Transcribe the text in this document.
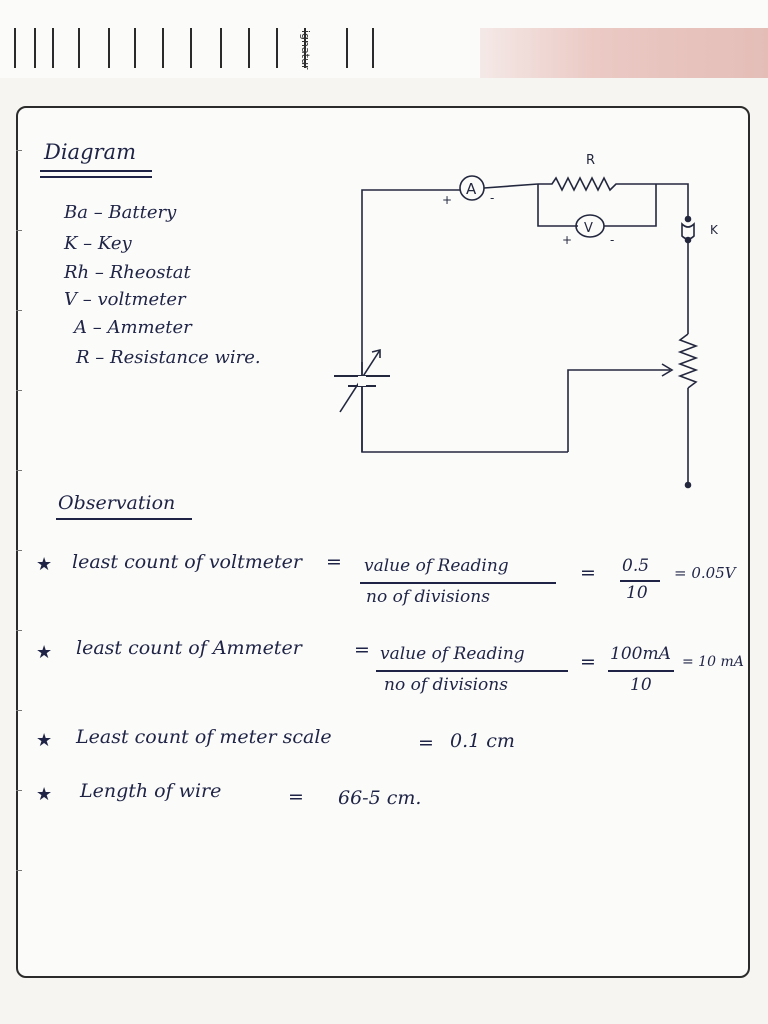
ignatur
Diagram
Ba – Battery
K – Key
Rh – Rheostat
V – voltmeter
A – Ammeter
R – Resistance wire.
A
+	-
R
V
+	-
K
Observation
★ least count of voltmeter = value of Reading
no of divisions
= 0.5
10
= 0.05V
★ least count of Ammeter	= value of Reading
no of divisions
= 100mA
10
= 10 mA
★ Least count of meter scale	= 0.1 cm
★ Length of wire	= 66-5 cm.
